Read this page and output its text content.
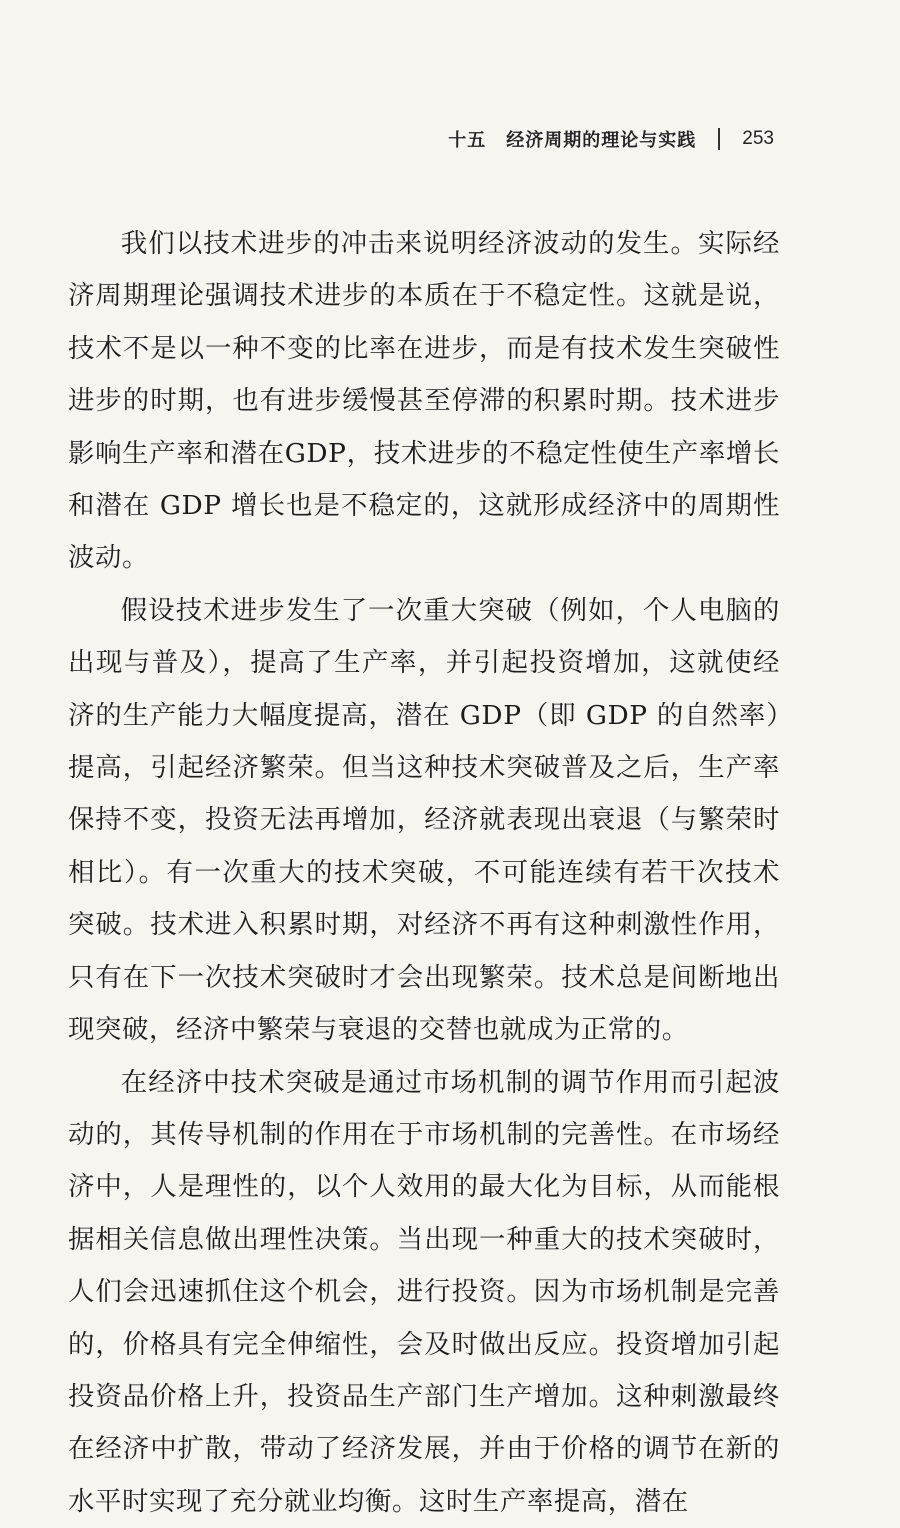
十五 经济周期的理论与实践 253

我们以技术进步的冲击来说明经济波动的发生。实际经济周期理论强调技术进步的本质在于不稳定性。这就是说，技术不是以一种不变的比率在进步，而是有技术发生突破性进步的时期，也有进步缓慢甚至停滞的积累时期。技术进步影响生产率和潜在GDP，技术进步的不稳定性使生产率增长和潜在 GDP 增长也是不稳定的，这就形成经济中的周期性波动。

假设技术进步发生了一次重大突破（例如，个人电脑的出现与普及），提高了生产率，并引起投资增加，这就使经济的生产能力大幅度提高，潜在 GDP（即 GDP 的自然率）提高，引起经济繁荣。但当这种技术突破普及之后，生产率保持不变，投资无法再增加，经济就表现出衰退（与繁荣时相比）。有一次重大的技术突破，不可能连续有若干次技术突破。技术进入积累时期，对经济不再有这种刺激性作用，只有在下一次技术突破时才会出现繁荣。技术总是间断地出现突破，经济中繁荣与衰退的交替也就成为正常的。

在经济中技术突破是通过市场机制的调节作用而引起波动的，其传导机制的作用在于市场机制的完善性。在市场经济中，人是理性的，以个人效用的最大化为目标，从而能根据相关信息做出理性决策。当出现一种重大的技术突破时，人们会迅速抓住这个机会，进行投资。因为市场机制是完善的，价格具有完全伸缩性，会及时做出反应。投资增加引起投资品价格上升，投资品生产部门生产增加。这种刺激最终在经济中扩散，带动了经济发展，并由于价格的调节在新的水平时实现了充分就业均衡。这时生产率提高，潜在
